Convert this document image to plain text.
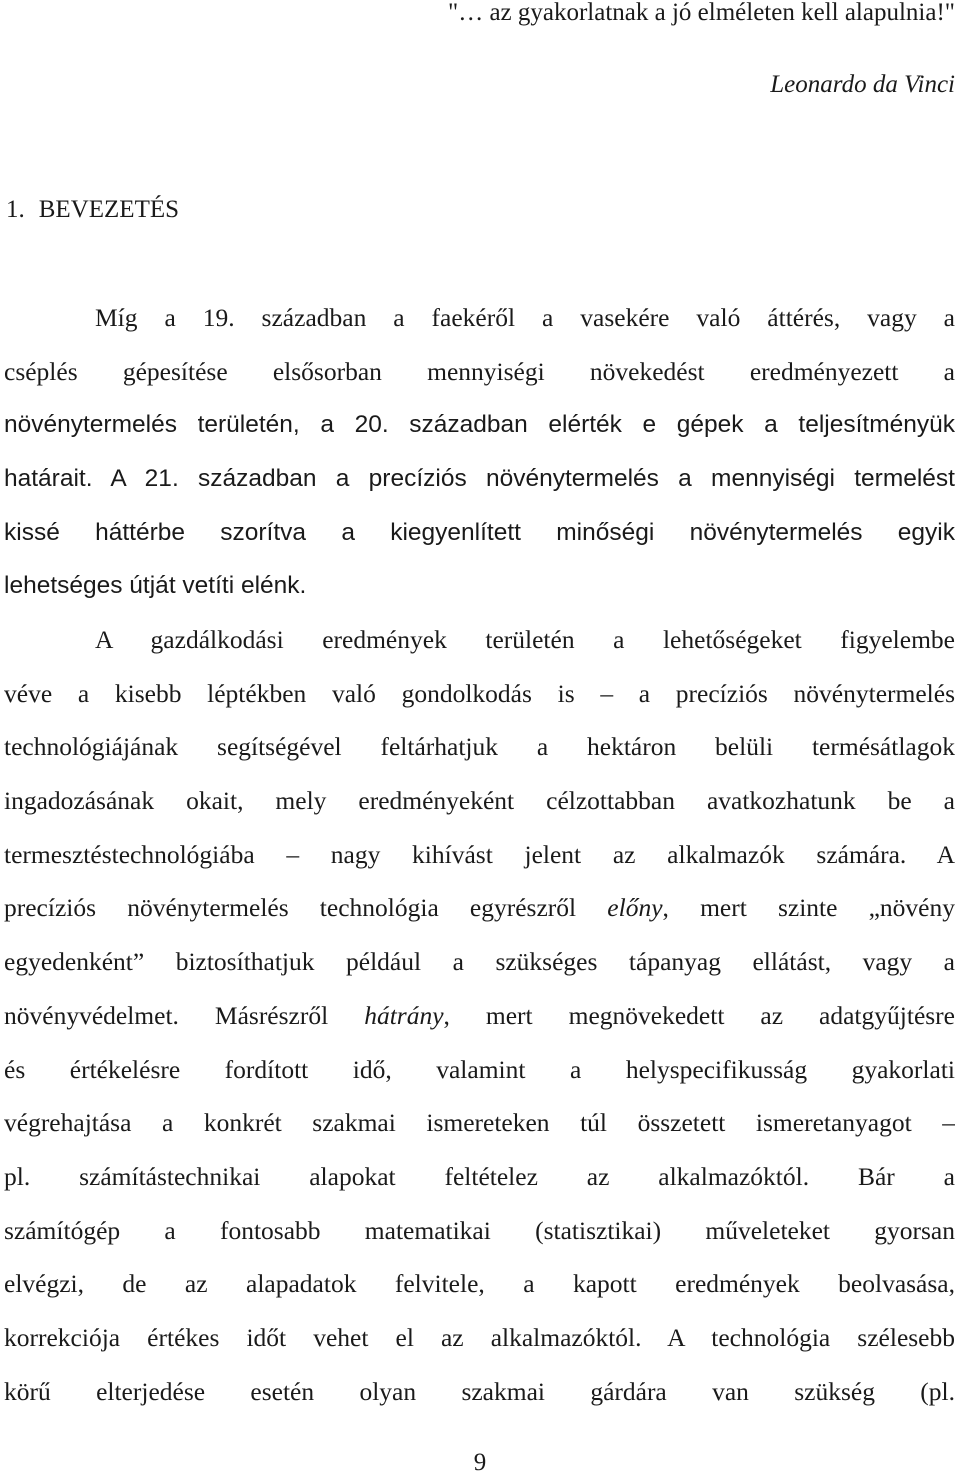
"… az gyakorlatnak a jó elméleten kell alapulnia!"
Leonardo da Vinci
1. BEVEZETÉS
Míg a 19. században a faekéről a vasekére való áttérés, vagy a
cséplés gépesítése elsősorban mennyiségi növekedést eredményezett a
növénytermelés területén, a 20. században elérték e gépek a teljesítményük
határait. A 21. században a precíziós növénytermelés a mennyiségi termelést
kissé háttérbe szorítva a kiegyenlített minőségi növénytermelés egyik
lehetséges útját vetíti elénk.
A gazdálkodási eredmények területén a lehetőségeket figyelembe
véve a kisebb léptékben való gondolkodás is – a precíziós növénytermelés
technológiájának segítségével feltárhatjuk a hektáron belüli termésátlagok
ingadozásának okait, mely eredményeként célzottabban avatkozhatunk be a
termesztéstechnológiába – nagy kihívást jelent az alkalmazók számára. A
precíziós növénytermelés technológia egyrészről előny, mert szinte „növény
egyedenként” biztosíthatjuk például a szükséges tápanyag ellátást, vagy a
növényvédelmet. Másrészről hátrány, mert megnövekedett az adatgyűjtésre
és értékelésre fordított idő, valamint a helyspecifikusság gyakorlati
végrehajtása a konkrét szakmai ismereteken túl összetett ismeretanyagot –
pl. számítástechnikai alapokat feltételez az alkalmazóktól. Bár a
számítógép a fontosabb matematikai (statisztikai) műveleteket gyorsan
elvégzi, de az alapadatok felvitele, a kapott eredmények beolvasása,
korrekciója értékes időt vehet el az alkalmazóktól. A technológia szélesebb
körű elterjedése esetén olyan szakmai gárdára van szükség (pl.
9
